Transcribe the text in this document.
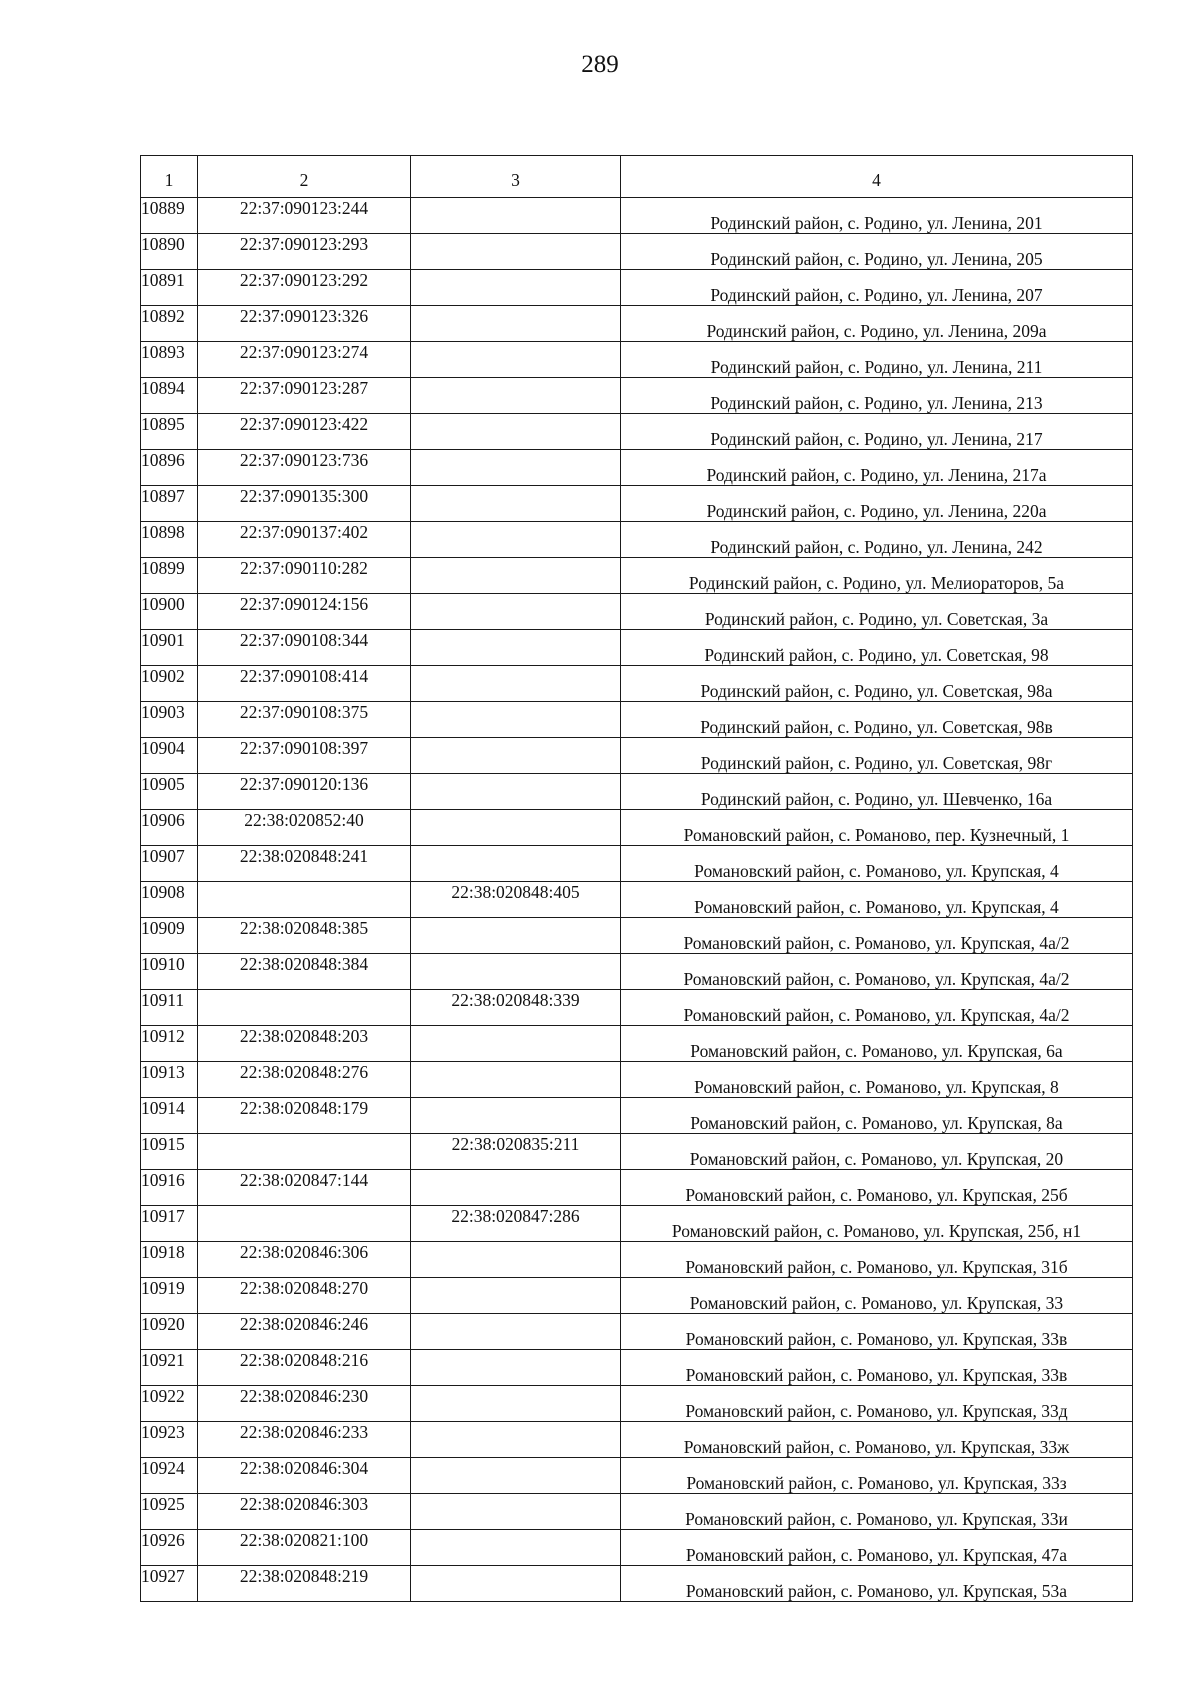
289
1	2	3	4
10889	22:37:090123:244		Родинский район, с. Родино, ул. Ленина, 201
10890	22:37:090123:293		Родинский район, с. Родино, ул. Ленина, 205
10891	22:37:090123:292		Родинский район, с. Родино, ул. Ленина, 207
10892	22:37:090123:326		Родинский район, с. Родино, ул. Ленина, 209а
10893	22:37:090123:274		Родинский район, с. Родино, ул. Ленина, 211
10894	22:37:090123:287		Родинский район, с. Родино, ул. Ленина, 213
10895	22:37:090123:422		Родинский район, с. Родино, ул. Ленина, 217
10896	22:37:090123:736		Родинский район, с. Родино, ул. Ленина, 217а
10897	22:37:090135:300		Родинский район, с. Родино, ул. Ленина, 220а
10898	22:37:090137:402		Родинский район, с. Родино, ул. Ленина, 242
10899	22:37:090110:282		Родинский район, с. Родино, ул. Мелиораторов, 5а
10900	22:37:090124:156		Родинский район, с. Родино, ул. Советская, 3а
10901	22:37:090108:344		Родинский район, с. Родино, ул. Советская, 98
10902	22:37:090108:414		Родинский район, с. Родино, ул. Советская, 98а
10903	22:37:090108:375		Родинский район, с. Родино, ул. Советская, 98в
10904	22:37:090108:397		Родинский район, с. Родино, ул. Советская, 98г
10905	22:37:090120:136		Родинский район, с. Родино, ул. Шевченко, 16а
10906	22:38:020852:40		Романовский район, с. Романово, пер. Кузнечный, 1
10907	22:38:020848:241		Романовский район, с. Романово, ул. Крупская, 4
10908		22:38:020848:405	Романовский район, с. Романово, ул. Крупская, 4
10909	22:38:020848:385		Романовский район, с. Романово, ул. Крупская, 4а/2
10910	22:38:020848:384		Романовский район, с. Романово, ул. Крупская, 4а/2
10911		22:38:020848:339	Романовский район, с. Романово, ул. Крупская, 4а/2
10912	22:38:020848:203		Романовский район, с. Романово, ул. Крупская, 6а
10913	22:38:020848:276		Романовский район, с. Романово, ул. Крупская, 8
10914	22:38:020848:179		Романовский район, с. Романово, ул. Крупская, 8а
10915		22:38:020835:211	Романовский район, с. Романово, ул. Крупская, 20
10916	22:38:020847:144		Романовский район, с. Романово, ул. Крупская, 25б
10917		22:38:020847:286	Романовский район, с. Романово, ул. Крупская, 25б, н1
10918	22:38:020846:306		Романовский район, с. Романово, ул. Крупская, 31б
10919	22:38:020848:270		Романовский район, с. Романово, ул. Крупская, 33
10920	22:38:020846:246		Романовский район, с. Романово, ул. Крупская, 33в
10921	22:38:020848:216		Романовский район, с. Романово, ул. Крупская, 33в
10922	22:38:020846:230		Романовский район, с. Романово, ул. Крупская, 33д
10923	22:38:020846:233		Романовский район, с. Романово, ул. Крупская, 33ж
10924	22:38:020846:304		Романовский район, с. Романово, ул. Крупская, 33з
10925	22:38:020846:303		Романовский район, с. Романово, ул. Крупская, 33и
10926	22:38:020821:100		Романовский район, с. Романово, ул. Крупская, 47а
10927	22:38:020848:219		Романовский район, с. Романово, ул. Крупская, 53а
